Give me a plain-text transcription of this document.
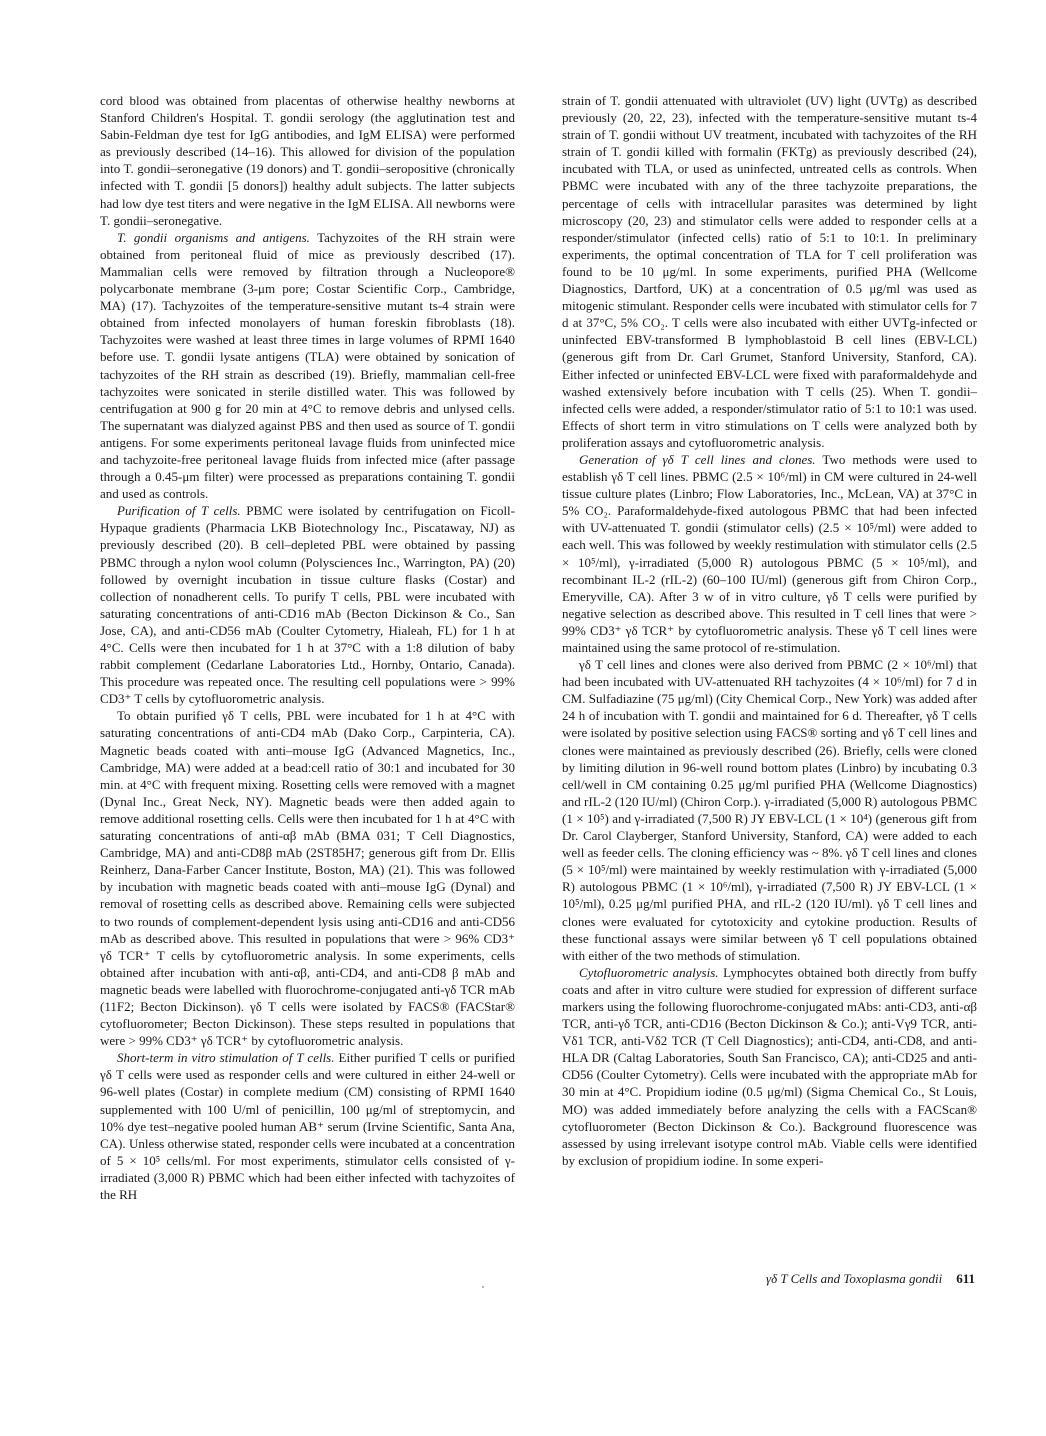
cord blood was obtained from placentas of otherwise healthy newborns at Stanford Children's Hospital. T. gondii serology (the agglutination test and Sabin-Feldman dye test for IgG antibodies, and IgM ELISA) were performed as previously described (14–16). This allowed for division of the population into T. gondii–seronegative (19 donors) and T. gondii–seropositive (chronically infected with T. gondii [5 donors]) healthy adult subjects. The latter subjects had low dye test titers and were negative in the IgM ELISA. All newborns were T. gondii–seronegative.

T. gondii organisms and antigens. Tachyzoites of the RH strain were obtained from peritoneal fluid of mice as previously described (17). Mammalian cells were removed by filtration through a Nucleopore® polycarbonate membrane (3-μm pore; Costar Scientific Corp., Cambridge, MA) (17). Tachyzoites of the temperature-sensitive mutant ts-4 strain were obtained from infected monolayers of human foreskin fibroblasts (18). Tachyzoites were washed at least three times in large volumes of RPMI 1640 before use. T. gondii lysate antigens (TLA) were obtained by sonication of tachyzoites of the RH strain as described (19). Briefly, mammalian cell-free tachyzoites were sonicated in sterile distilled water. This was followed by centrifugation at 900 g for 20 min at 4°C to remove debris and unlysed cells. The supernatant was dialyzed against PBS and then used as source of T. gondii antigens. For some experiments peritoneal lavage fluids from uninfected mice and tachyzoite-free peritoneal lavage fluids from infected mice (after passage through a 0.45-μm filter) were processed as preparations containing T. gondii and used as controls.

Purification of T cells. PBMC were isolated by centrifugation on Ficoll-Hypaque gradients (Pharmacia LKB Biotechnology Inc., Piscataway, NJ) as previously described (20). B cell–depleted PBL were obtained by passing PBMC through a nylon wool column (Polysciences Inc., Warrington, PA) (20) followed by overnight incubation in tissue culture flasks (Costar) and collection of nonadherent cells. To purify T cells, PBL were incubated with saturating concentrations of anti-CD16 mAb (Becton Dickinson & Co., San Jose, CA), and anti-CD56 mAb (Coulter Cytometry, Hialeah, FL) for 1 h at 4°C. Cells were then incubated for 1 h at 37°C with a 1:8 dilution of baby rabbit complement (Cedarlane Laboratories Ltd., Hornby, Ontario, Canada). This procedure was repeated once. The resulting cell populations were > 99% CD3⁺ T cells by cytofluorometric analysis.

To obtain purified γδ T cells, PBL were incubated for 1 h at 4°C with saturating concentrations of anti-CD4 mAb (Dako Corp., Carpinteria, CA). Magnetic beads coated with anti–mouse IgG (Advanced Magnetics, Inc., Cambridge, MA) were added at a bead:cell ratio of 30:1 and incubated for 30 min. at 4°C with frequent mixing. Rosetting cells were removed with a magnet (Dynal Inc., Great Neck, NY). Magnetic beads were then added again to remove additional rosetting cells. Cells were then incubated for 1 h at 4°C with saturating concentrations of anti-αβ mAb (BMA 031; T Cell Diagnostics, Cambridge, MA) and anti-CD8β mAb (2ST85H7; generous gift from Dr. Ellis Reinherz, Dana-Farber Cancer Institute, Boston, MA) (21). This was followed by incubation with magnetic beads coated with anti–mouse IgG (Dynal) and removal of rosetting cells as described above. Remaining cells were subjected to two rounds of complement-dependent lysis using anti-CD16 and anti-CD56 mAb as described above. This resulted in populations that were > 96% CD3⁺ γδ TCR⁺ T cells by cytofluorometric analysis. In some experiments, cells obtained after incubation with anti-αβ, anti-CD4, and anti-CD8 β mAb and magnetic beads were labelled with fluorochrome-conjugated anti-γδ TCR mAb (11F2; Becton Dickinson). γδ T cells were isolated by FACS® (FACStar® cytofluorometer; Becton Dickinson). These steps resulted in populations that were > 99% CD3⁺ γδ TCR⁺ by cytofluorometric analysis.

Short-term in vitro stimulation of T cells. Either purified T cells or purified γδ T cells were used as responder cells and were cultured in either 24-well or 96-well plates (Costar) in complete medium (CM) consisting of RPMI 1640 supplemented with 100 U/ml of penicillin, 100 μg/ml of streptomycin, and 10% dye test–negative pooled human AB⁺ serum (Irvine Scientific, Santa Ana, CA). Unless otherwise stated, responder cells were incubated at a concentration of 5 × 10⁵ cells/ml. For most experiments, stimulator cells consisted of γ-irradiated (3,000 R) PBMC which had been either infected with tachyzoites of the RH

strain of T. gondii attenuated with ultraviolet (UV) light (UVTg) as described previously (20, 22, 23), infected with the temperature-sensitive mutant ts-4 strain of T. gondii without UV treatment, incubated with tachyzoites of the RH strain of T. gondii killed with formalin (FKTg) as previously described (24), incubated with TLA, or used as uninfected, untreated cells as controls. When PBMC were incubated with any of the three tachyzoite preparations, the percentage of cells with intracellular parasites was determined by light microscopy (20, 23) and stimulator cells were added to responder cells at a responder/stimulator (infected cells) ratio of 5:1 to 10:1. In preliminary experiments, the optimal concentration of TLA for T cell proliferation was found to be 10 μg/ml. In some experiments, purified PHA (Wellcome Diagnostics, Dartford, UK) at a concentration of 0.5 μg/ml was used as mitogenic stimulant. Responder cells were incubated with stimulator cells for 7 d at 37°C, 5% CO₂. T cells were also incubated with either UVTg-infected or uninfected EBV-transformed B lymphoblastoid B cell lines (EBV-LCL) (generous gift from Dr. Carl Grumet, Stanford University, Stanford, CA). Either infected or uninfected EBV-LCL were fixed with paraformaldehyde and washed extensively before incubation with T cells (25). When T. gondii–infected cells were added, a responder/stimulator ratio of 5:1 to 10:1 was used. Effects of short term in vitro stimulations on T cells were analyzed both by proliferation assays and cytofluorometric analysis.

Generation of γδ T cell lines and clones. Two methods were used to establish γδ T cell lines. PBMC (2.5 × 10⁶/ml) in CM were cultured in 24-well tissue culture plates (Linbro; Flow Laboratories, Inc., McLean, VA) at 37°C in 5% CO₂. Paraformaldehyde-fixed autologous PBMC that had been infected with UV-attenuated T. gondii (stimulator cells) (2.5 × 10⁵/ml) were added to each well. This was followed by weekly restimulation with stimulator cells (2.5 × 10⁵/ml), γ-irradiated (5,000 R) autologous PBMC (5 × 10⁵/ml), and recombinant IL-2 (rIL-2) (60–100 IU/ml) (generous gift from Chiron Corp., Emeryville, CA). After 3 w of in vitro culture, γδ T cells were purified by negative selection as described above. This resulted in T cell lines that were > 99% CD3⁺ γδ TCR⁺ by cytofluorometric analysis. These γδ T cell lines were maintained using the same protocol of re-stimulation.

γδ T cell lines and clones were also derived from PBMC (2 × 10⁶/ml) that had been incubated with UV-attenuated RH tachyzoites (4 × 10⁶/ml) for 7 d in CM. Sulfadiazine (75 μg/ml) (City Chemical Corp., New York) was added after 24 h of incubation with T. gondii and maintained for 6 d. Thereafter, γδ T cells were isolated by positive selection using FACS® sorting and γδ T cell lines and clones were maintained as previously described (26). Briefly, cells were cloned by limiting dilution in 96-well round bottom plates (Linbro) by incubating 0.3 cell/well in CM containing 0.25 μg/ml purified PHA (Wellcome Diagnostics) and rIL-2 (120 IU/ml) (Chiron Corp.). γ-irradiated (5,000 R) autologous PBMC (1 × 10⁵) and γ-irradiated (7,500 R) JY EBV-LCL (1 × 10⁴) (generous gift from Dr. Carol Clayberger, Stanford University, Stanford, CA) were added to each well as feeder cells. The cloning efficiency was ~ 8%. γδ T cell lines and clones (5 × 10⁵/ml) were maintained by weekly restimulation with γ-irradiated (5,000 R) autologous PBMC (1 × 10⁶/ml), γ-irradiated (7,500 R) JY EBV-LCL (1 × 10⁵/ml), 0.25 μg/ml purified PHA, and rIL-2 (120 IU/ml). γδ T cell lines and clones were evaluated for cytotoxicity and cytokine production. Results of these functional assays were similar between γδ T cell populations obtained with either of the two methods of stimulation.

Cytofluorometric analysis. Lymphocytes obtained both directly from buffy coats and after in vitro culture were studied for expression of different surface markers using the following fluorochrome-conjugated mAbs: anti-CD3, anti-αβ TCR, anti-γδ TCR, anti-CD16 (Becton Dickinson & Co.); anti-Vγ9 TCR, anti-Vδ1 TCR, anti-Vδ2 TCR (T Cell Diagnostics); anti-CD4, anti-CD8, and anti-HLA DR (Caltag Laboratories, South San Francisco, CA); anti-CD25 and anti-CD56 (Coulter Cytometry). Cells were incubated with the appropriate mAb for 30 min at 4°C. Propidium iodine (0.5 μg/ml) (Sigma Chemical Co., St Louis, MO) was added immediately before analyzing the cells with a FACScan® cytofluorometer (Becton Dickinson & Co.). Background fluorescence was assessed by using irrelevant isotype control mAb. Viable cells were identified by exclusion of propidium iodine. In some experi-

γδ T Cells and Toxoplasma gondii 611
